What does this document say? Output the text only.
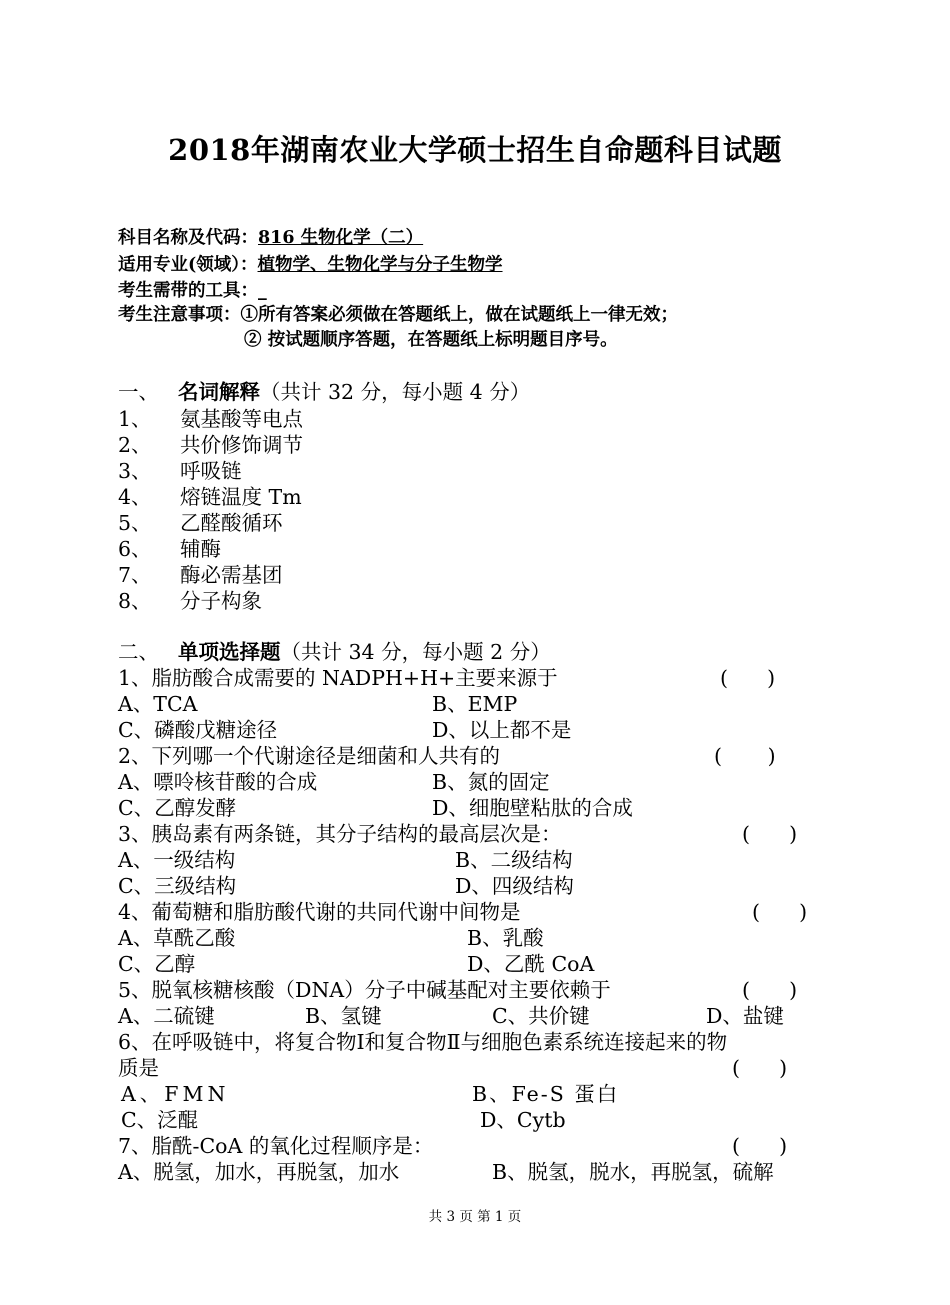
2018年湖南农业大学硕士招生自命题科目试题
科目名称及代码：816 生物化学（二）
适用专业(领域）：植物学、生物化学与分子生物学
考生需带的工具：_
考生注意事项：①所有答案必须做在答题纸上，做在试题纸上一律无效；
② 按试题顺序答题，在答题纸上标明题目序号。
一、 名词解释（共计 32 分，每小题 4 分）
1、 氨基酸等电点
2、 共价修饰调节
3、 呼吸链
4、 熔链温度 Tm
5、 乙醛酸循环
6、 辅酶
7、 酶必需基团
8、 分子构象
二、 单项选择题（共计 34 分，每小题 2 分）
1、脂肪酸合成需要的 NADPH+H+主要来源于	(      )
A、TCA	B、EMP
C、磷酸戊糖途径	D、以上都不是
2、下列哪一个代谢途径是细菌和人共有的	(       )
A、嘌呤核苷酸的合成	B、氮的固定
C、乙醇发酵	D、细胞壁粘肽的合成
3、胰岛素有两条链，其分子结构的最高层次是：	(      )
A、一级结构	B、二级结构
C、三级结构	D、四级结构
4、葡萄糖和脂肪酸代谢的共同代谢中间物是	(      )
A、草酰乙酸	B、乳酸
C、乙醇	D、乙酰 CoA
5、脱氧核糖核酸（DNA）分子中碱基配对主要依赖于	(      )
A、二硫键	B、氢键	C、共价键	D、盐键
6、在呼吸链中，将复合物Ⅰ和复合物Ⅱ与细胞色素系统连接起来的物
质是	(      )
A、FMN	B、Fe-S 蛋白
C、泛醌	D、Cytb
7、脂酰-CoA 的氧化过程顺序是：	(      )
A、脱氢，加水，再脱氢，加水	B、脱氢，脱水，再脱氢，硫解
共 3 页 第 1 页
